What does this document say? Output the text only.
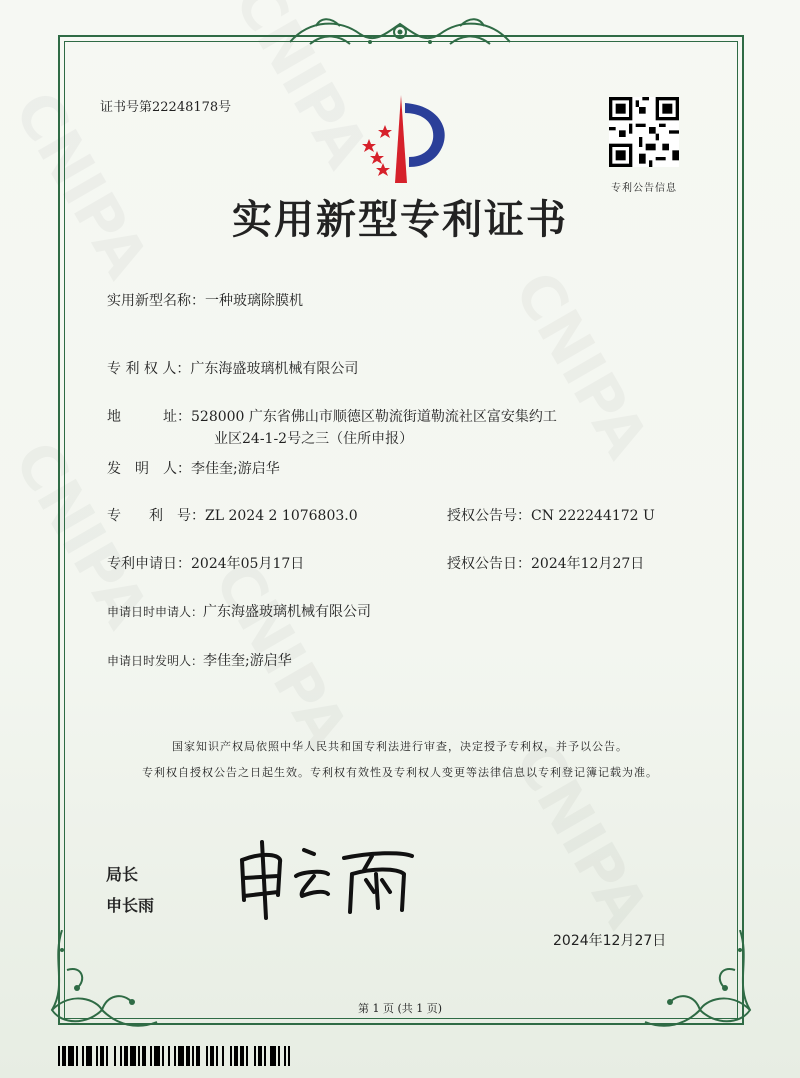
证书号第22248178号
专利公告信息
实用新型专利证书
实用新型名称：一种玻璃除膜机
专 利 权 人：广东海盛玻璃机械有限公司
地　　　址：528000 广东省佛山市顺德区勒流街道勒流社区富安集约工
业区24-1-2号之三（住所申报）
发　明　人：李佳奎;游启华
专　　利　号：ZL 2024 2 1076803.0	授权公告号：CN 222244172 U
专利申请日：2024年05月17日	授权公告日：2024年12月27日
申请日时申请人：广东海盛玻璃机械有限公司
申请日时发明人：李佳奎;游启华
国家知识产权局依照中华人民共和国专利法进行审查，决定授予专利权，并予以公告。
专利权自授权公告之日起生效。专利权有效性及专利权人变更等法律信息以专利登记簿记载为准。
局长
申长雨
2024年12月27日
第 1 页 (共 1 页)
